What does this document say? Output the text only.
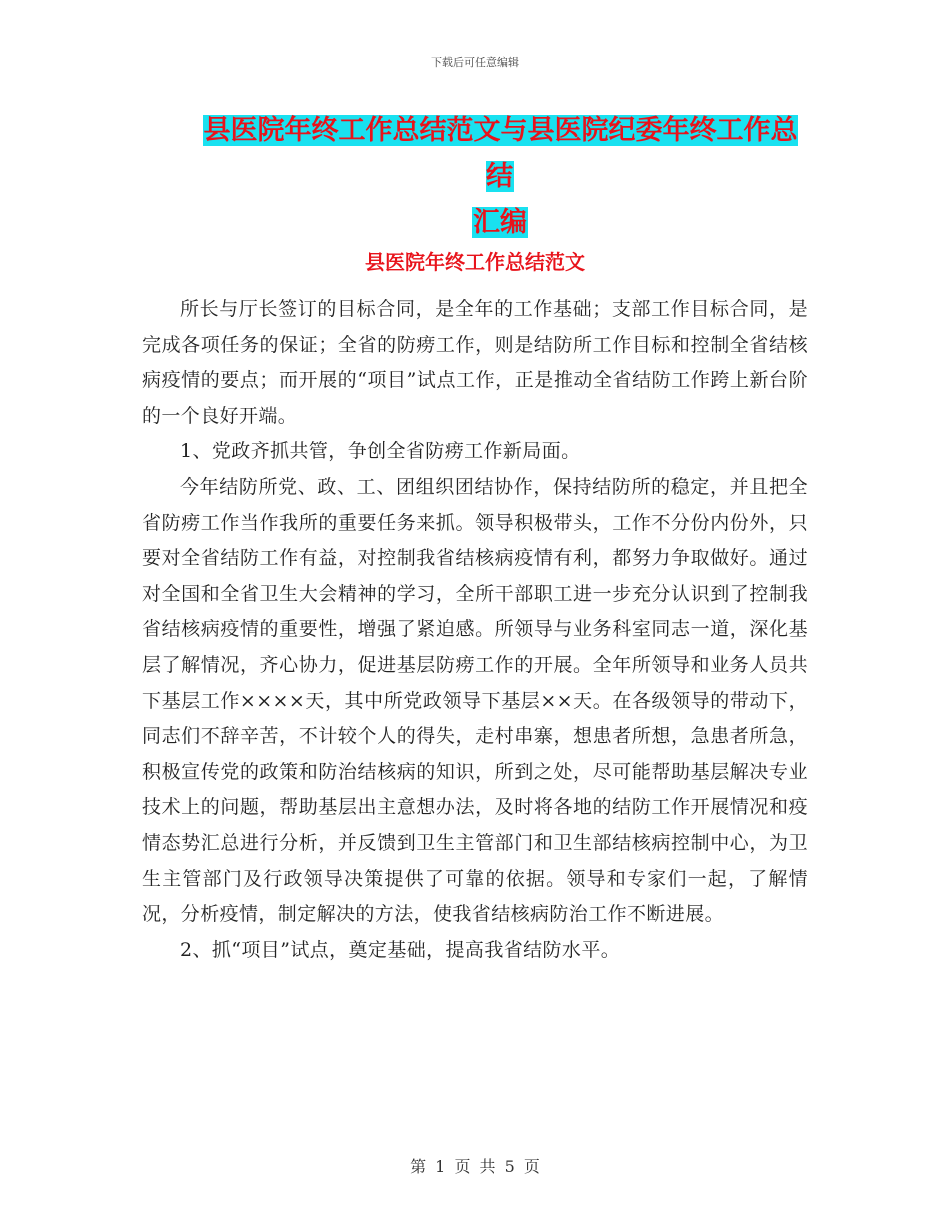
下载后可任意编辑
县医院年终工作总结范文与县医院纪委年终工作总结
汇编
县医院年终工作总结范文

所长与厅长签订的目标合同，是全年的工作基础；支部工作目标合同，是完成各项任务的保证；全省的防痨工作，则是结防所工作目标和控制全省结核病疫情的要点；而开展的“项目”试点工作，正是推动全省结防工作跨上新台阶的一个良好开端。

1、党政齐抓共管，争创全省防痨工作新局面。

今年结防所党、政、工、团组织团结协作，保持结防所的稳定，并且把全省防痨工作当作我所的重要任务来抓。领导积极带头，工作不分份内份外，只要对全省结防工作有益，对控制我省结核病疫情有利，都努力争取做好。通过对全国和全省卫生大会精神的学习，全所干部职工进一步充分认识到了控制我省结核病疫情的重要性，增强了紧迫感。所领导与业务科室同志一道，深化基层了解情况，齐心协力，促进基层防痨工作的开展。全年所领导和业务人员共下基层工作××××天，其中所党政领导下基层××天。在各级领导的带动下，同志们不辞辛苦，不计较个人的得失，走村串寨，想患者所想，急患者所急，积极宣传党的政策和防治结核病的知识，所到之处，尽可能帮助基层解决专业技术上的问题，帮助基层出主意想办法，及时将各地的结防工作开展情况和疫情态势汇总进行分析，并反馈到卫生主管部门和卫生部结核病控制中心，为卫生主管部门及行政领导决策提供了可靠的依据。领导和专家们一起，了解情况，分析疫情，制定解决的方法，使我省结核病防治工作不断进展。

2、抓“项目”试点，奠定基础，提高我省结防水平。

第 1 页 共 5 页
